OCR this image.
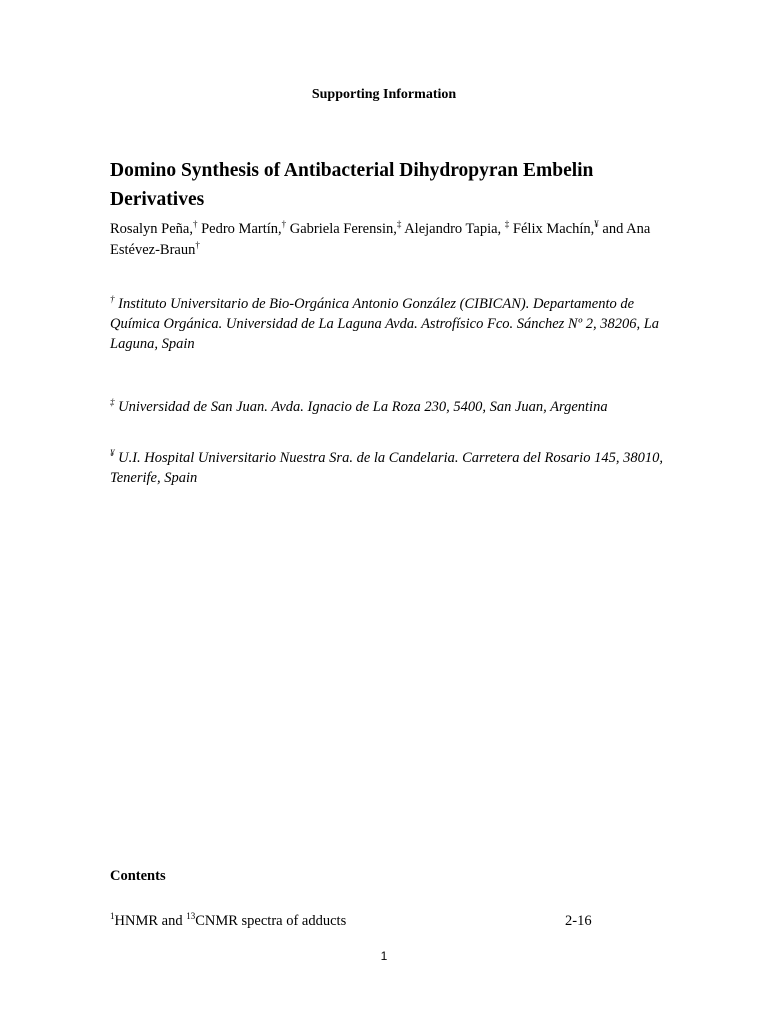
Supporting Information
Domino Synthesis of Antibacterial Dihydropyran Embelin Derivatives
Rosalyn Peña,† Pedro Martín,† Gabriela Ferensin,‡ Alejandro Tapia, ‡ Félix Machín,¥ and Ana Estévez-Braun†
† Instituto Universitario de Bio-Orgánica Antonio González (CIBICAN). Departamento de Química Orgánica. Universidad de La Laguna Avda. Astrofísico Fco. Sánchez Nº 2, 38206, La Laguna, Spain
‡ Universidad de San Juan. Avda. Ignacio de La Roza 230, 5400, San Juan, Argentina
¥ U.I. Hospital Universitario Nuestra Sra. de la Candelaria. Carretera del Rosario 145, 38010, Tenerife, Spain
Contents
$^1$HNMR and $^{13}$CNMR spectra of adducts	2-16
1
